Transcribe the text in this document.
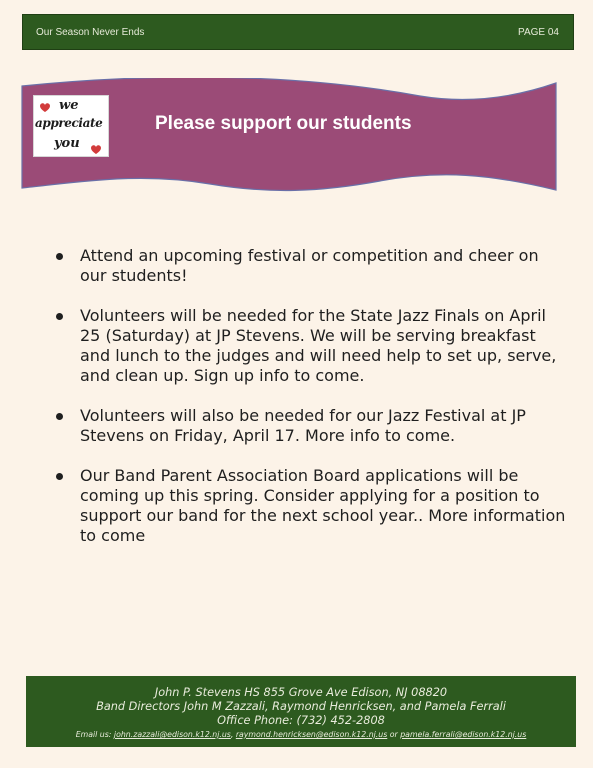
Our Season Never Ends	PAGE 04
we
appreciate
you
Please support our students
Attend an upcoming festival or competition and cheer on our students!
Volunteers will be needed for the State Jazz Finals on April 25 (Saturday) at JP Stevens. We will be serving breakfast and lunch to the judges and will need help to set up, serve, and clean up. Sign up info to come.
Volunteers will also be needed for our Jazz Festival at JP Stevens on Friday, April 17. More info to come.
Our Band Parent Association Board applications will be coming up this spring. Consider applying for a position to support our band for the next school year.. More information to come
John P. Stevens HS 855 Grove Ave Edison, NJ 08820
Band Directors John M Zazzali, Raymond Henricksen, and Pamela Ferrali
Office Phone: (732) 452-2808
Email us: john.zazzali@edison.k12.nj.us, raymond.henricksen@edison.k12.nj.us or pamela.ferrali@edison.k12.nj.us
